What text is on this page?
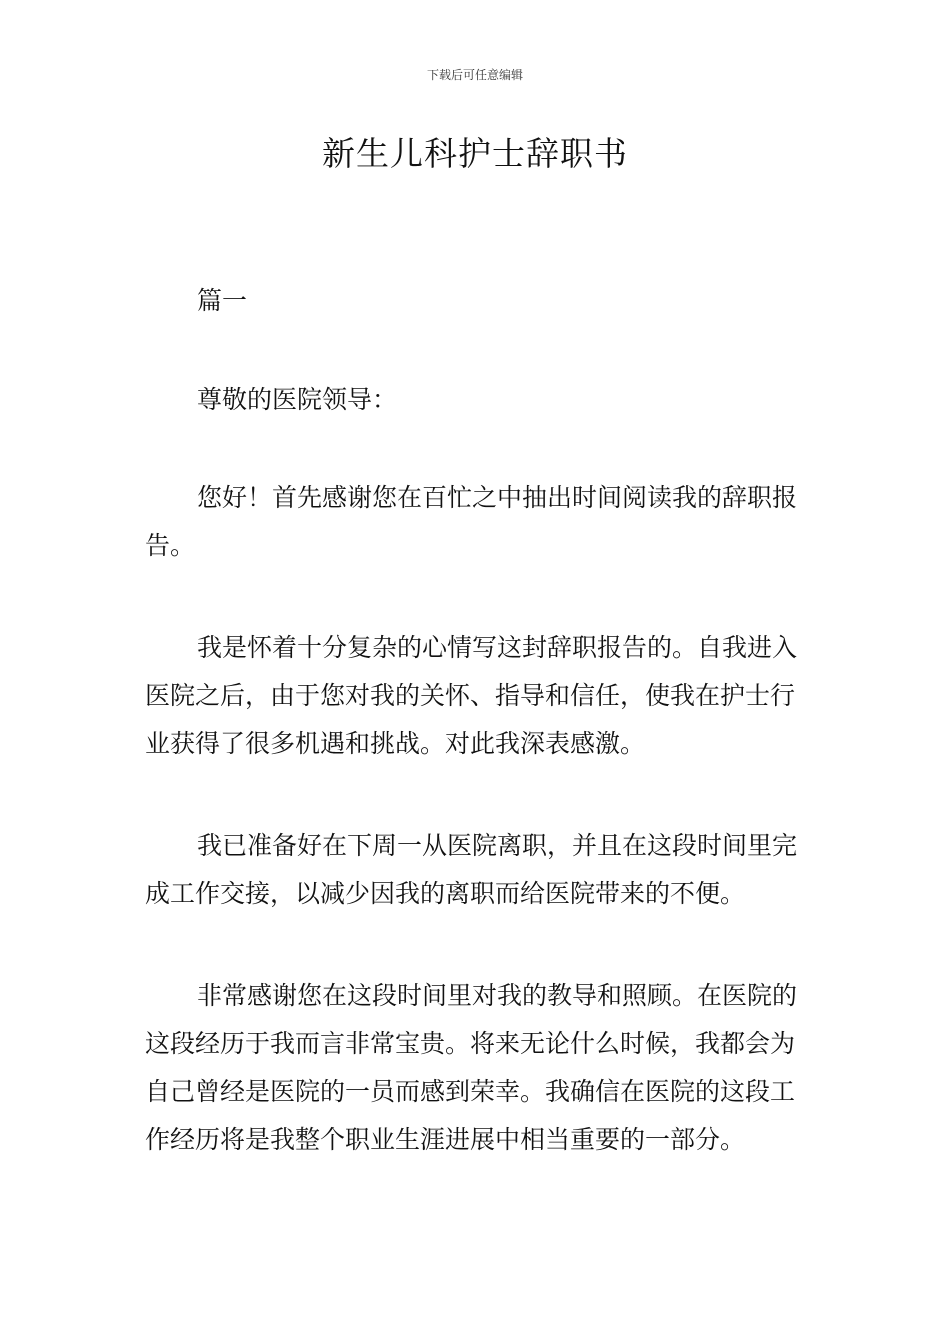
下载后可任意编辑
新生儿科护士辞职书

篇一

尊敬的医院领导：

您好！首先感谢您在百忙之中抽出时间阅读我的辞职报告。

我是怀着十分复杂的心情写这封辞职报告的。自我进入医院之后，由于您对我的关怀、指导和信任，使我在护士行业获得了很多机遇和挑战。对此我深表感激。

我已准备好在下周一从医院离职，并且在这段时间里完成工作交接，以减少因我的离职而给医院带来的不便。

非常感谢您在这段时间里对我的教导和照顾。在医院的这段经历于我而言非常宝贵。将来无论什么时候，我都会为自己曾经是医院的一员而感到荣幸。我确信在医院的这段工作经历将是我整个职业生涯进展中相当重要的一部分。
